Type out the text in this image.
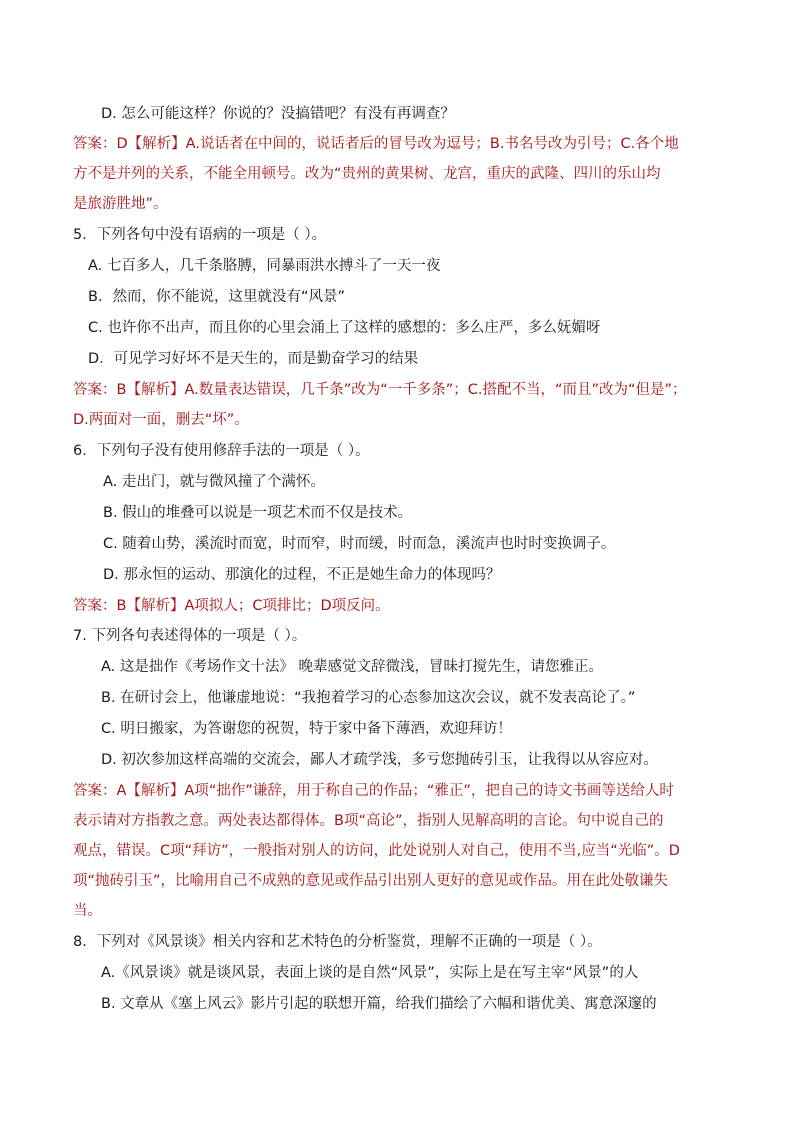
D. 怎么可能这样？你说的？没搞错吧？有没有再调查？
答案：D【解析】A.说话者在中间的，说话者后的冒号改为逗号；B.书名号改为引号；C.各个地
方不是并列的关系，不能全用顿号。改为“贵州的黄果树、龙宫，重庆的武隆、四川的乐山均
是旅游胜地”。
5．下列各句中没有语病的一项是（ ）。
A. 七百多人，几千条胳膊，同暴雨洪水搏斗了一天一夜
B．然而，你不能说，这里就没有“风景”
C. 也许你不出声，而且你的心里会涌上了这样的感想的：多么庄严，多么妩媚呀
D．可见学习好坏不是天生的，而是勤奋学习的结果
答案：B【解析】A.数量表达错误，几千条”改为“一千多条”；C.搭配不当，“而且”改为“但是”；
D.两面对一面，删去“坏”。
6．下列句子没有使用修辞手法的一项是（ ）。
A. 走出门，就与微风撞了个满怀。
B. 假山的堆叠可以说是一项艺术而不仅是技术。
C. 随着山势，溪流时而宽，时而窄，时而缓，时而急，溪流声也时时变换调子。
D. 那永恒的运动、那演化的过程，不正是她生命力的体现吗？
答案：B【解析】A项拟人；C项排比；D项反问。
7. 下列各句表述得体的一项是（ ）。
A. 这是拙作《考场作文十法》 晚辈感觉文辞微浅，冒昧打搅先生，请您雅正。
B. 在研讨会上，他谦虚地说：“我抱着学习的心态参加这次会议，就不发表高论了。”
C. 明日搬家，为答谢您的祝贺，特于家中备下薄酒，欢迎拜访！
D. 初次参加这样高端的交流会，鄙人才疏学浅，多亏您抛砖引玉，让我得以从容应对。
答案：A【解析】A项“拙作”谦辞，用于称自己的作品；“雅正”，把自己的诗文书画等送给人时
表示请对方指教之意。两处表达都得体。B项“高论”，指别人见解高明的言论。句中说自己的
观点，错误。C项“拜访”，一般指对别人的访问，此处说别人对自己，使用不当,应当“光临”。D
项“抛砖引玉”，比喻用自己不成熟的意见或作品引出别人更好的意见或作品。用在此处敬谦失
当。
8．下列对《风景谈》相关内容和艺术特色的分析鉴赏，理解不正确的一项是（ ）。
A.《风景谈》就是谈风景，表面上谈的是自然“风景”，实际上是在写主宰“风景”的人
B. 文章从《塞上风云》影片引起的联想开篇，给我们描绘了六幅和谐优美、寓意深邃的
